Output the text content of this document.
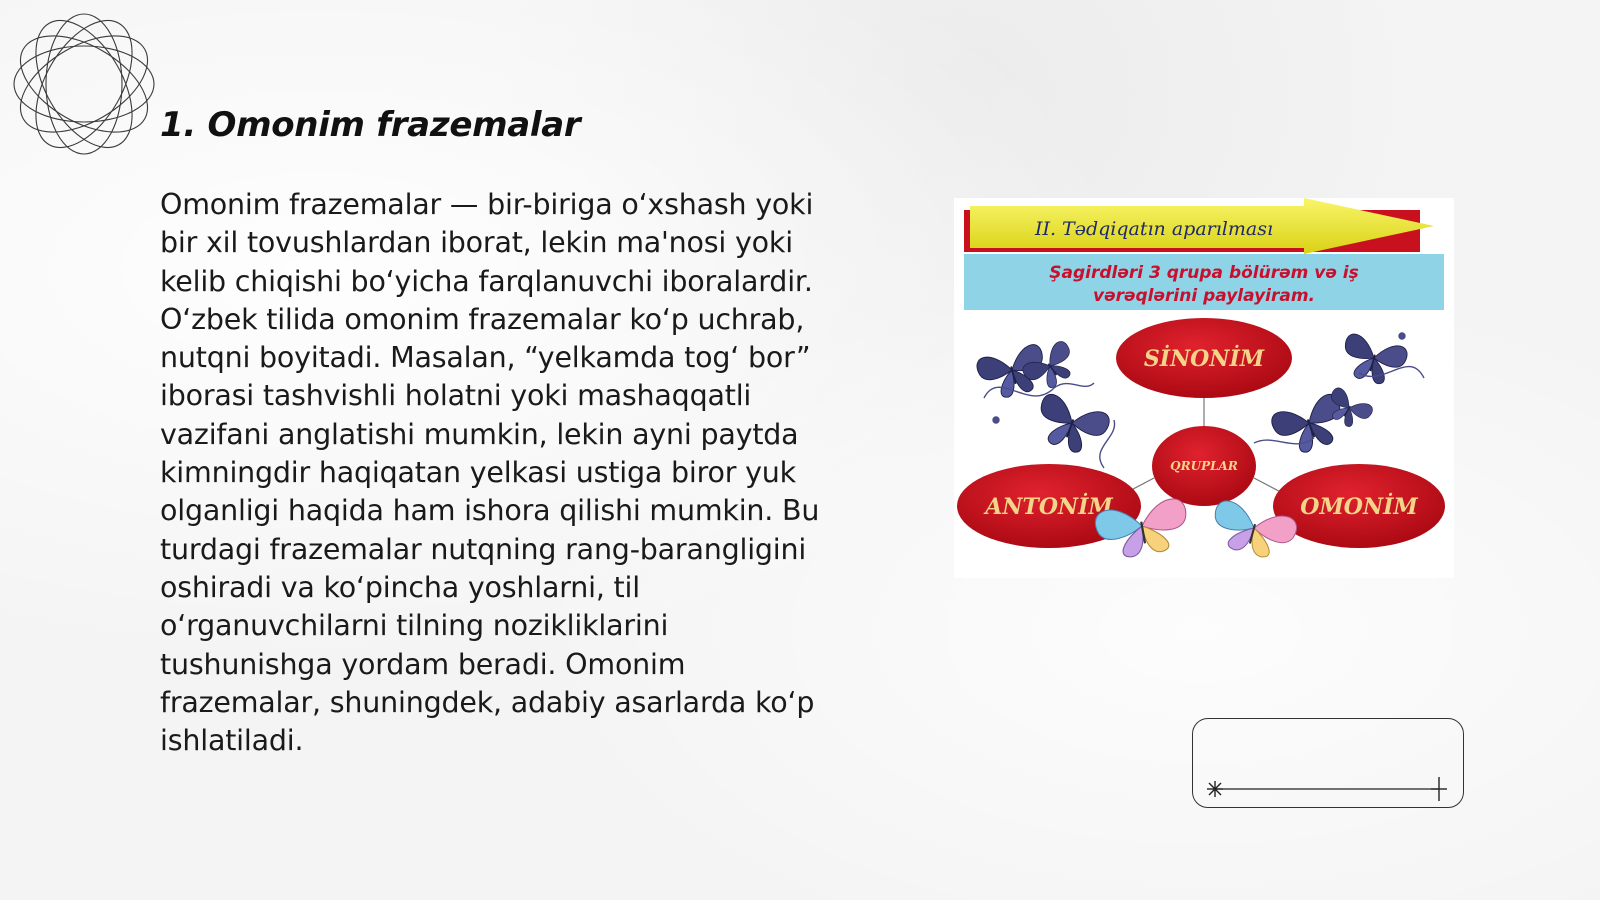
1. Omonim frazemalar

Omonim frazemalar — bir-biriga o‘xshash yoki bir xil tovushlardan iborat, lekin ma'nosi yoki kelib chiqishi bo‘yicha farqlanuvchi iboralardir. O‘zbek tilida omonim frazemalar ko‘p uchrab, nutqni boyitadi. Masalan, “yelkamda tog‘ bor” iborasi tashvishli holatni yoki mashaqqatli vazifani anglatishi mumkin, lekin ayni paytda kimningdir haqiqatan yelkasi ustiga biror yuk olganligi haqida ham ishora qilishi mumkin. Bu turdagi frazemalar nutqning rang-barangligini oshiradi va ko‘pincha yoshlarni, til o‘rganuvchilarni tilning nozikliklarini tushunishga yordam beradi. Omonim frazemalar, shuningdek, adabiy asarlarda ko‘p ishlatiladi.

II. Tədqiqatın aparılması
Şagirdləri 3 qrupa bölürəm və iş
vərəqlərini paylayiram.
SİNONİM
QRUPLAR
ANTONİM	OMONİM
